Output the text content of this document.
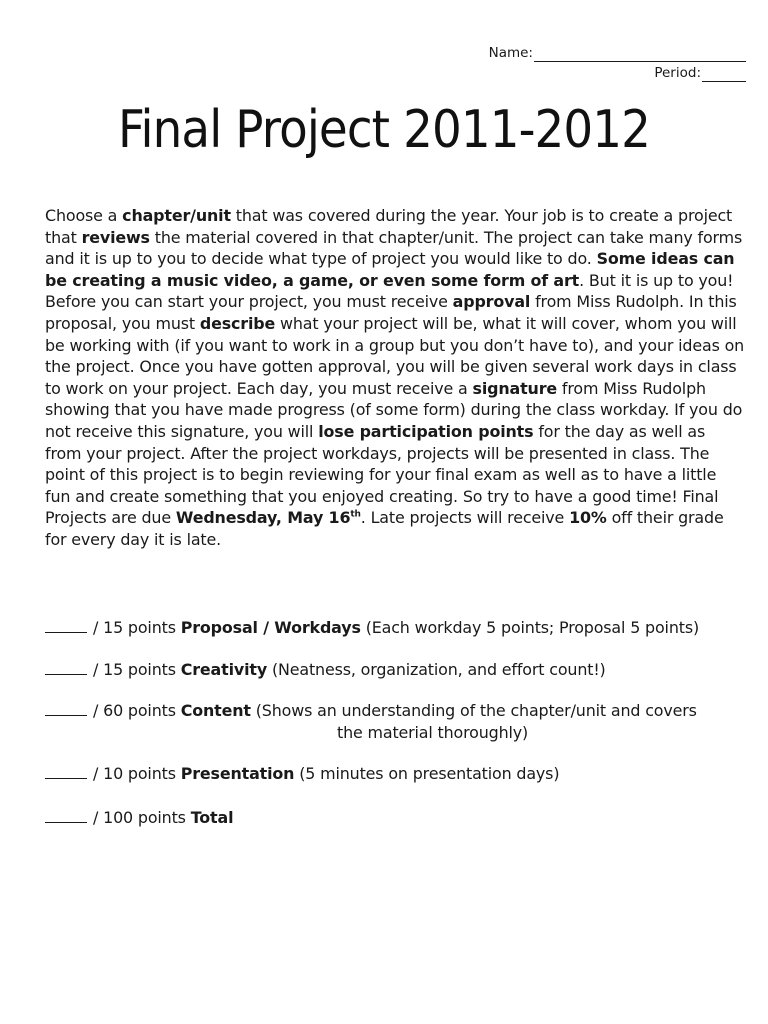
Name:
Period:
Final Project 2011-2012
Choose a chapter/unit that was covered during the year. Your job is to create a project that reviews the material covered in that chapter/unit. The project can take many forms and it is up to you to decide what type of project you would like to do. Some ideas can be creating a music video, a game, or even some form of art. But it is up to you! Before you can start your project, you must receive approval from Miss Rudolph. In this proposal, you must describe what your project will be, what it will cover, whom you will be working with (if you want to work in a group but you don’t have to), and your ideas on the project. Once you have gotten approval, you will be given several work days in class to work on your project. Each day, you must receive a signature from Miss Rudolph showing that you have made progress (of some form) during the class workday. If you do not receive this signature, you will lose participation points for the day as well as from your project. After the project workdays, projects will be presented in class. The point of this project is to begin reviewing for your final exam as well as to have a little fun and create something that you enjoyed creating. So try to have a good time! Final Projects are due Wednesday, May 16th. Late projects will receive 10% off their grade for every day it is late.
/ 15 points Proposal / Workdays (Each workday 5 points; Proposal 5 points)
/ 15 points Creativity (Neatness, organization, and effort count!)
/ 60 points Content (Shows an understanding of the chapter/unit and covers
the material thoroughly)
/ 10 points Presentation (5 minutes on presentation days)
/ 100 points Total
